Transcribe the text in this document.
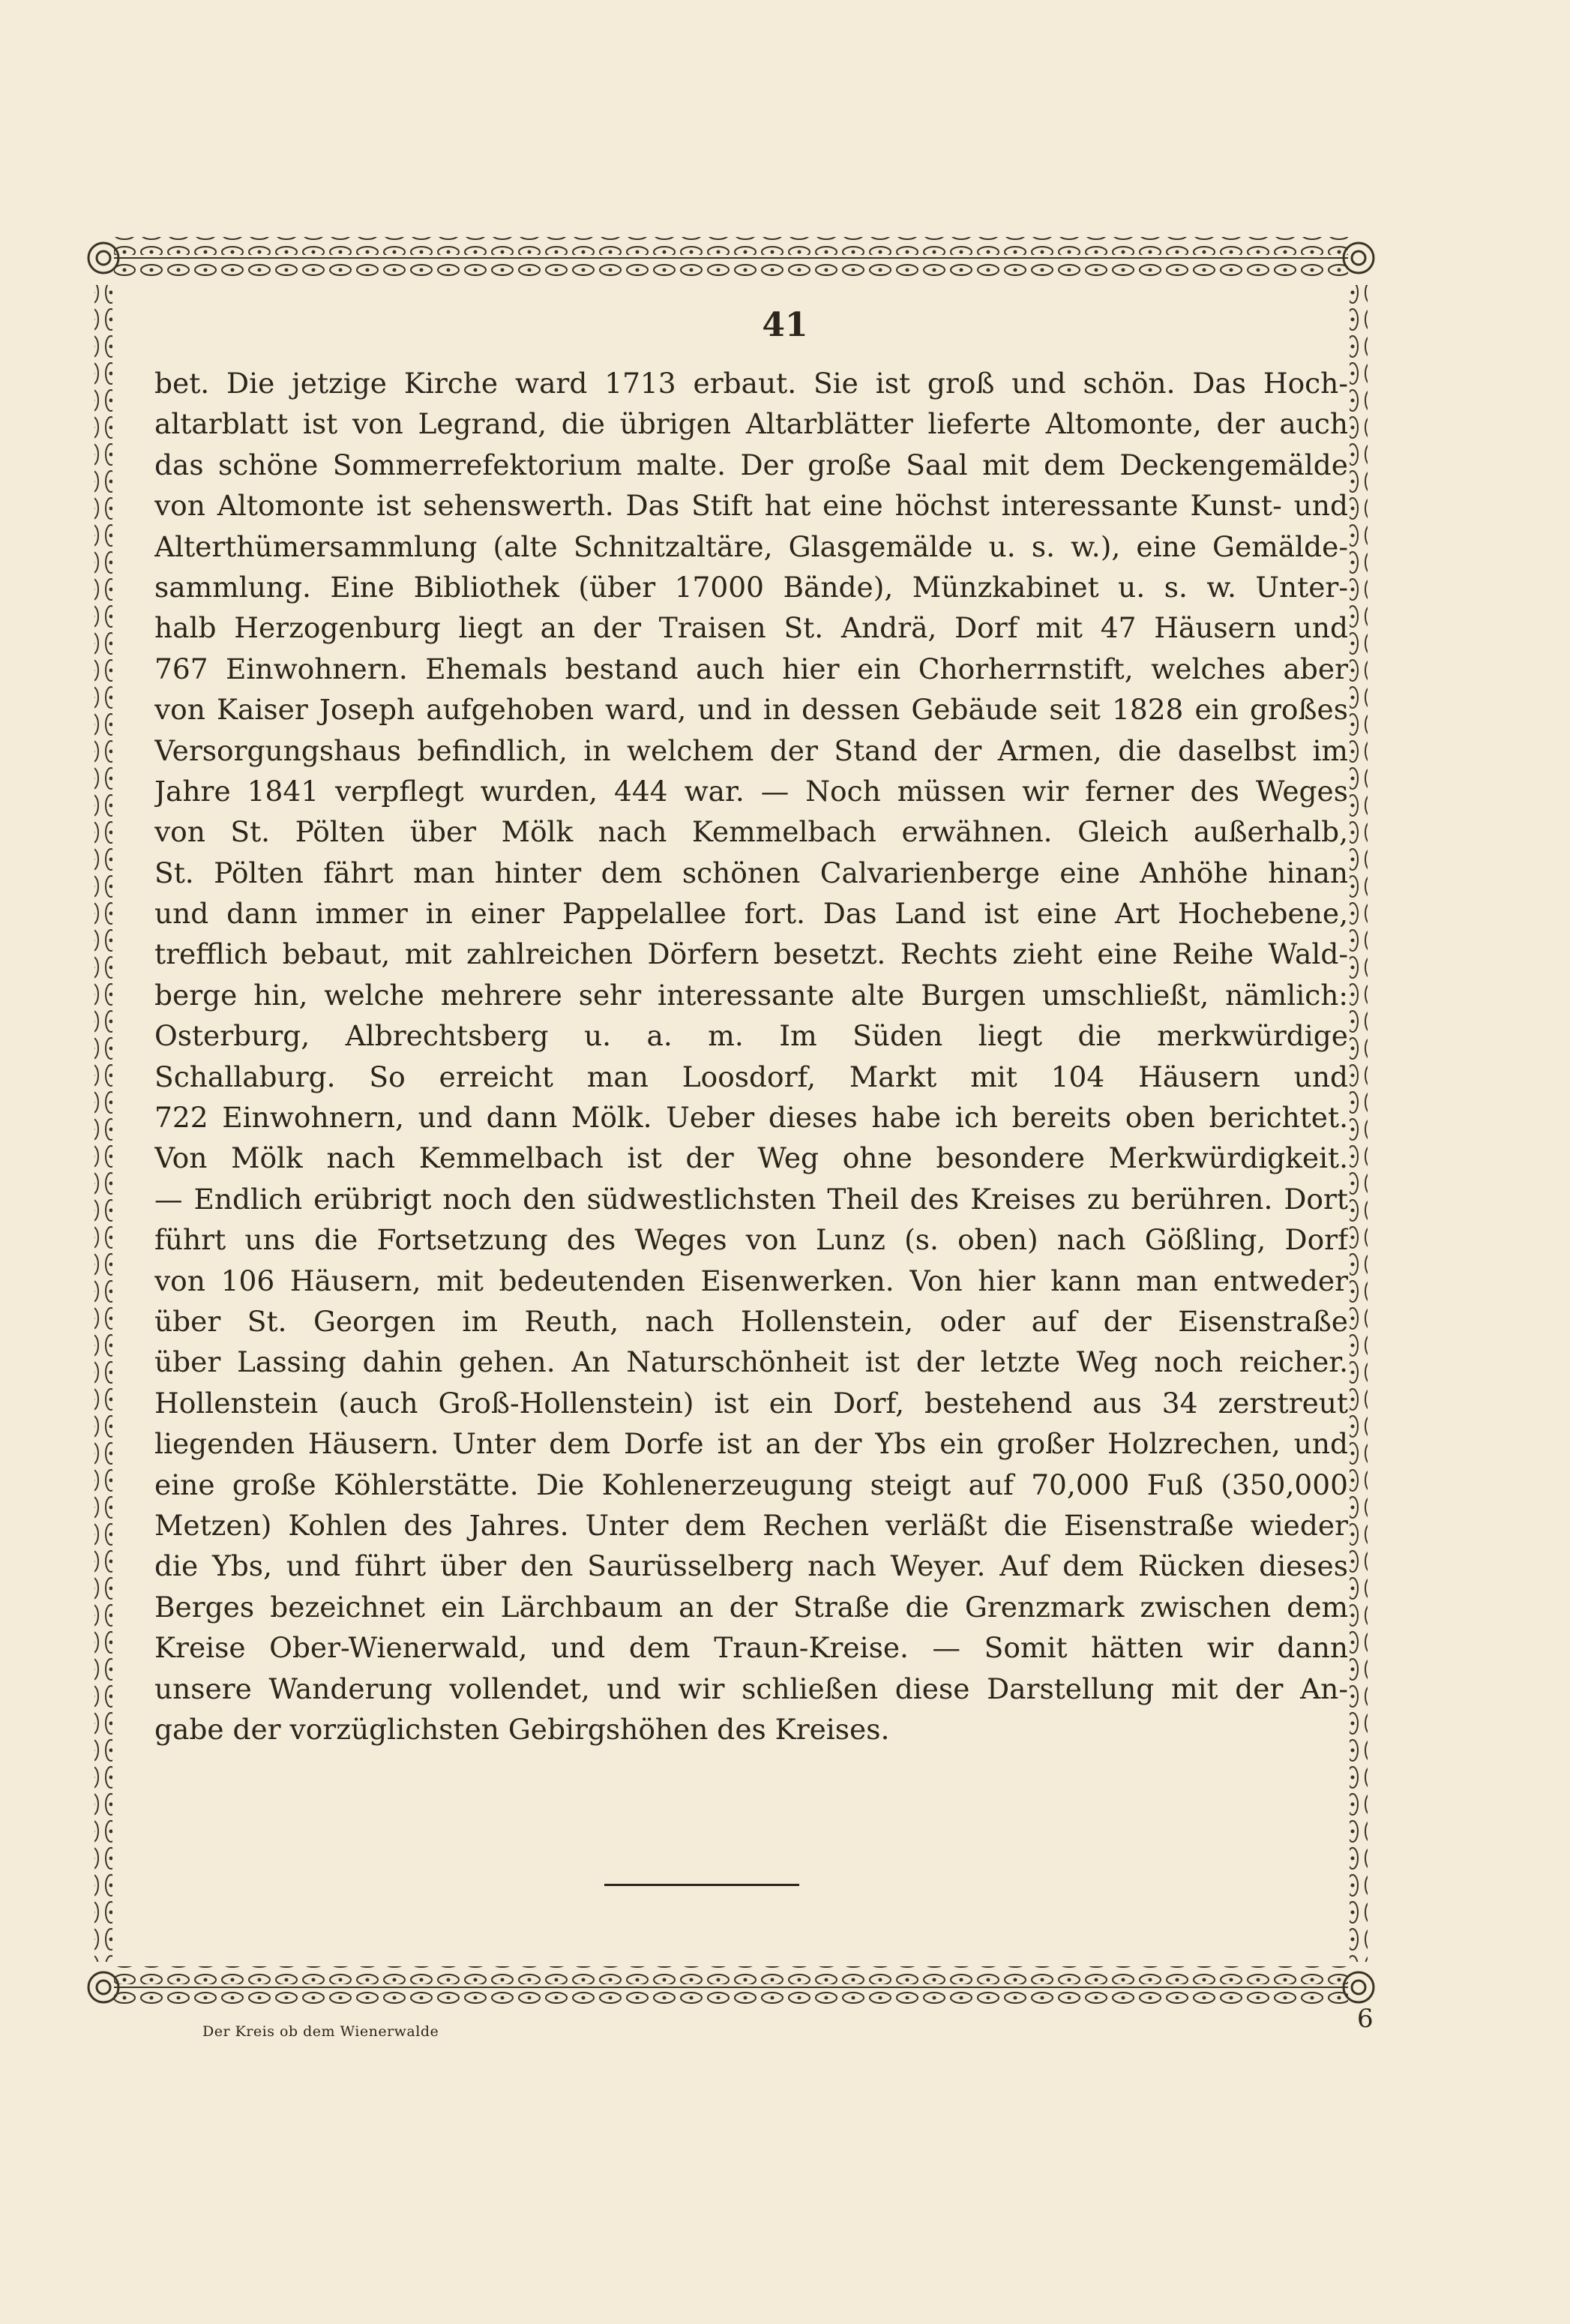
41
bet. Die jetzige Kirche ward 1713 erbaut. Sie ist groß und schön. Das Hoch-
altarblatt ist von Legrand, die übrigen Altarblätter lieferte Altomonte, der auch
das schöne Sommerrefektorium malte. Der große Saal mit dem Deckengemälde
von Altomonte ist sehenswerth. Das Stift hat eine höchst interessante Kunst- und
Alterthümersammlung (alte Schnitzaltäre, Glasgemälde u. s. w.), eine Gemälde-
sammlung. Eine Bibliothek (über 17000 Bände), Münzkabinet u. s. w. Unter-
halb Herzogenburg liegt an der Traisen St. Andrä, Dorf mit 47 Häusern und
767 Einwohnern. Ehemals bestand auch hier ein Chorherrnstift, welches aber
von Kaiser Joseph aufgehoben ward, und in dessen Gebäude seit 1828 ein großes
Versorgungshaus befindlich, in welchem der Stand der Armen, die daselbst im
Jahre 1841 verpflegt wurden, 444 war. — Noch müssen wir ferner des Weges
von St. Pölten über Mölk nach Kemmelbach erwähnen. Gleich außerhalb,
St. Pölten fährt man hinter dem schönen Calvarienberge eine Anhöhe hinan
und dann immer in einer Pappelallee fort. Das Land ist eine Art Hochebene,
trefflich bebaut, mit zahlreichen Dörfern besetzt. Rechts zieht eine Reihe Wald-
berge hin, welche mehrere sehr interessante alte Burgen umschließt, nämlich:
Osterburg, Albrechtsberg u. a. m. Im Süden liegt die merkwürdige
Schallaburg. So erreicht man Loosdorf, Markt mit 104 Häusern und
722 Einwohnern, und dann Mölk. Ueber dieses habe ich bereits oben berichtet.
Von Mölk nach Kemmelbach ist der Weg ohne besondere Merkwürdigkeit.
— Endlich erübrigt noch den südwestlichsten Theil des Kreises zu berühren. Dort
führt uns die Fortsetzung des Weges von Lunz (s. oben) nach Gößling, Dorf
von 106 Häusern, mit bedeutenden Eisenwerken. Von hier kann man entweder
über St. Georgen im Reuth, nach Hollenstein, oder auf der Eisenstraße
über Lassing dahin gehen. An Naturschönheit ist der letzte Weg noch reicher.
Hollenstein (auch Groß-Hollenstein) ist ein Dorf, bestehend aus 34 zerstreut
liegenden Häusern. Unter dem Dorfe ist an der Ybs ein großer Holzrechen, und
eine große Köhlerstätte. Die Kohlenerzeugung steigt auf 70,000 Fuß (350,000
Metzen) Kohlen des Jahres. Unter dem Rechen verläßt die Eisenstraße wieder
die Ybs, und führt über den Saurüsselberg nach Weyer. Auf dem Rücken dieses
Berges bezeichnet ein Lärchbaum an der Straße die Grenzmark zwischen dem
Kreise Ober-Wienerwald, und dem Traun-Kreise. — Somit hätten wir dann
unsere Wanderung vollendet, und wir schließen diese Darstellung mit der An-
gabe der vorzüglichsten Gebirgshöhen des Kreises.
Der Kreis ob dem Wienerwalde	6
